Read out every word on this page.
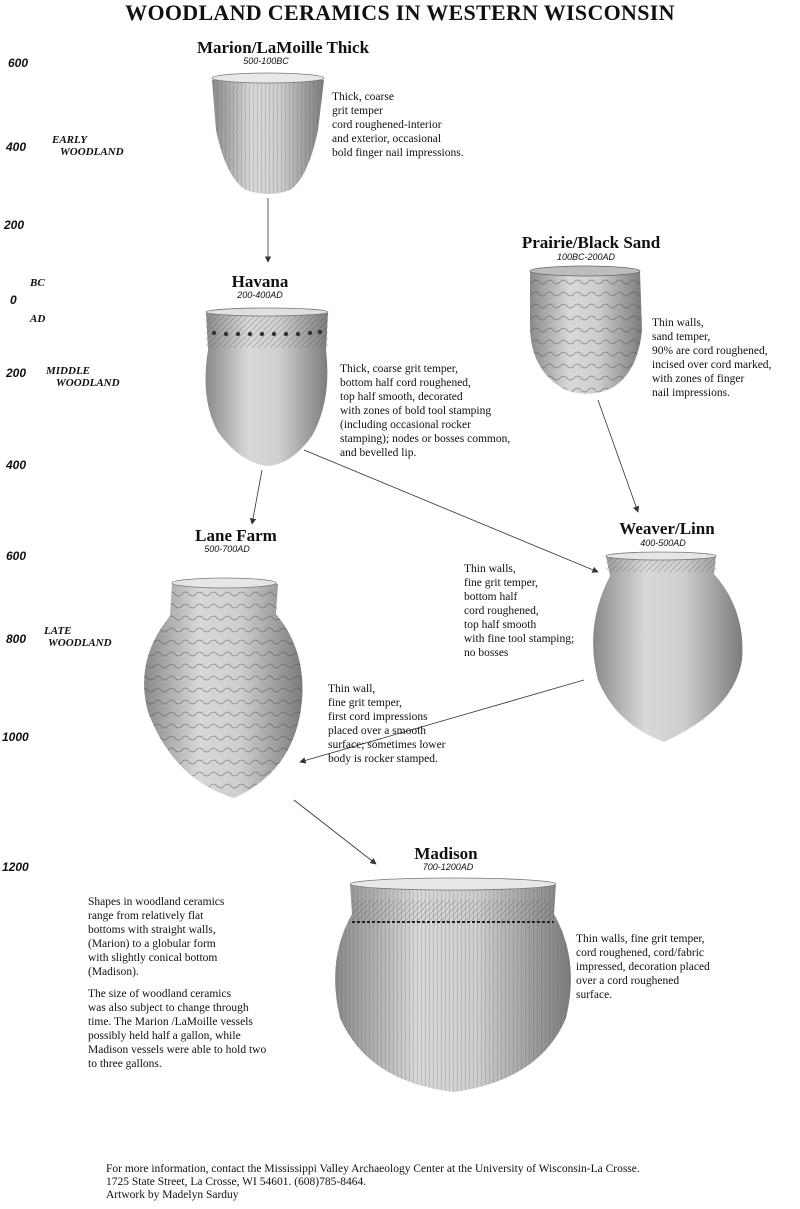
WOODLAND CERAMICS IN WESTERN WISCONSIN
600
400
200
0
200
400
600
800
1000
1200
BC
AD
EARLY
WOODLAND
MIDDLE
WOODLAND
LATE
WOODLAND
Marion/LaMoille Thick
500-100BC
Thick, coarse
grit temper
cord roughened-interior
and exterior, occasional
bold finger nail impressions.
Prairie/Black Sand
100BC-200AD
Thin walls,
sand temper,
90% are cord roughened,
incised over cord marked,
with zones of finger
nail impressions.
Havana
200-400AD
Thick, coarse grit temper,
bottom half cord roughened,
top half smooth, decorated
with zones of bold tool stamping
(including occasional rocker
stamping); nodes or bosses common,
and bevelled lip.
Lane Farm
500-700AD
Thin wall,
fine grit temper,
first cord impressions
placed over a smooth
surface; sometimes lower
body is rocker stamped.
Weaver/Linn
400-500AD
Thin walls,
fine grit temper,
bottom half
cord roughened,
top half smooth
with fine tool stamping;
no bosses
Madison
700-1200AD
Thin walls, fine grit temper,
cord roughened, cord/fabric
impressed, decoration placed
over a cord roughened
surface.
Shapes in woodland ceramics
range from relatively flat
bottoms with straight walls,
(Marion) to a globular form
with slightly conical bottom
(Madison).
The size of woodland ceramics
was also subject to change through
time. The Marion /LaMoille vessels
possibly held half a gallon, while
Madison vessels were able to hold two
to three gallons.
For more information, contact the Mississippi Valley Archaeology Center at the University of Wisconsin-La Crosse.
1725 State Street, La Crosse, WI 54601. (608)785-8464.
Artwork by Madelyn Sarduy
